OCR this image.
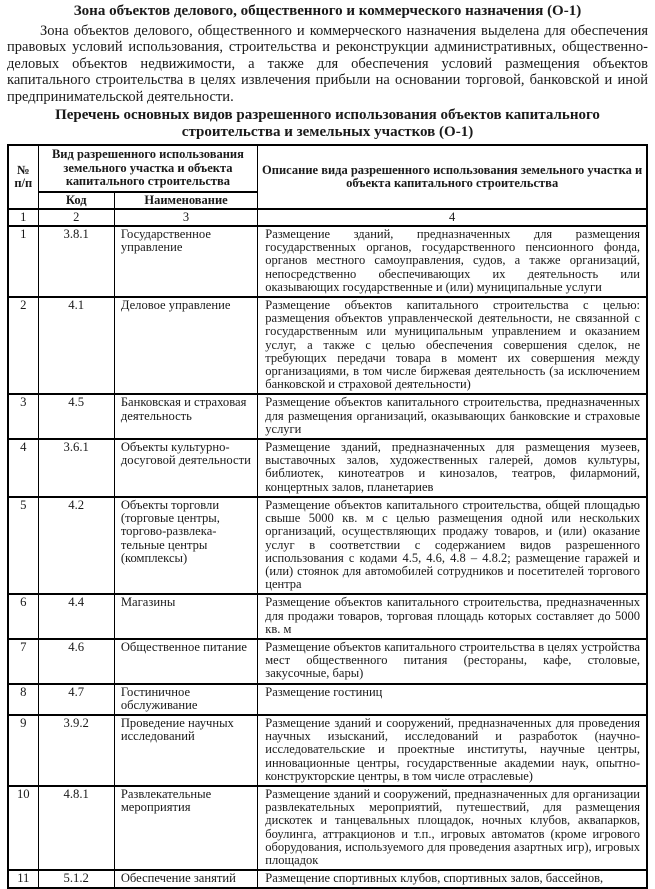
Зона объектов делового, общественного и коммерческого назначения (О-1)

Зона объектов делового, общественного и коммерческого назначения выделена для обеспечения правовых условий использования, строительства и реконструкции административных, общественно-деловых объектов недвижимости, а также для обеспечения условий размещения объектов капитального строительства в целях извлечения прибыли на основании торговой, банковской и иной предпринимательской деятельности.

Перечень основных видов разрешенного использования объектов капитального строительства и земельных участков (О-1)
№ п/п	Вид разрешенного использования земельного участка и объекта капитального строительства		Описание вида разрешенного использования земельного участка и объекта капитального строительства
	Код	Наименование	
1	2	3	4
1	3.8.1	Государственное управление	Размещение зданий, предназначенных для размещения государственных органов, государственного пенсионного фонда, органов местного самоуправления, судов, а также организаций, непосредственно обеспечивающих их деятельность или оказывающих государственные и (или) муниципальные услуги
2	4.1	Деловое управление	Размещение объектов капитального строительства с целью: размещения объектов управленческой деятельности, не связанной с государственным или муниципальным управлением и оказанием услуг, а также с целью обеспечения совершения сделок, не требующих передачи товара в момент их совершения между организациями, в том числе биржевая деятельность (за исключением банковской и страховой деятельности)
3	4.5	Банковская и страховая деятельность	Размещение объектов капитального строительства, предназначенных для размещения организаций, оказывающих банковские и страховые услуги
4	3.6.1	Объекты культурно-досуговой деятельности	Размещение зданий, предназначенных для размещения музеев, выставочных залов, художественных галерей, домов культуры, библиотек, кинотеатров и кинозалов, театров, филармоний, концертных залов, планетариев
5	4.2	Объекты торговли (торговые центры, торгово-развлека-тельные центры (комплексы)	Размещение объектов капитального строительства, общей площадью свыше 5000 кв. м с целью размещения одной или нескольких организаций, осуществляющих продажу товаров, и (или) оказание услуг в соответствии с содержанием видов разрешенного использования с кодами 4.5, 4.6, 4.8 – 4.8.2; размещение гаражей и (или) стоянок для автомобилей сотрудников и посетителей торгового центра
6	4.4	Магазины	Размещение объектов капитального строительства, предназначенных для продажи товаров, торговая площадь которых составляет до 5000 кв. м
7	4.6	Общественное питание	Размещение объектов капитального строительства в целях устройства мест общественного питания (рестораны, кафе, столовые, закусочные, бары)
8	4.7	Гостиничное обслуживание	Размещение гостиниц
9	3.9.2	Проведение научных исследований	Размещение зданий и сооружений, предназначенных для проведения научных изысканий, исследований и разработок (научно-исследовательские и проектные институты, научные центры, инновационные центры, государственные академии наук, опытно-конструкторские центры, в том числе отраслевые)
10	4.8.1	Развлекательные мероприятия	Размещение зданий и сооружений, предназначенных для организации развлекательных мероприятий, путешествий, для размещения дискотек и танцевальных площадок, ночных клубов, аквапарков, боулинга, аттракционов и т.п., игровых автоматов (кроме игрового оборудования, используемого для проведения азартных игр), игровых площадок
11	5.1.2	Обеспечение занятий	Размещение спортивных клубов, спортивных залов, бассейнов,
